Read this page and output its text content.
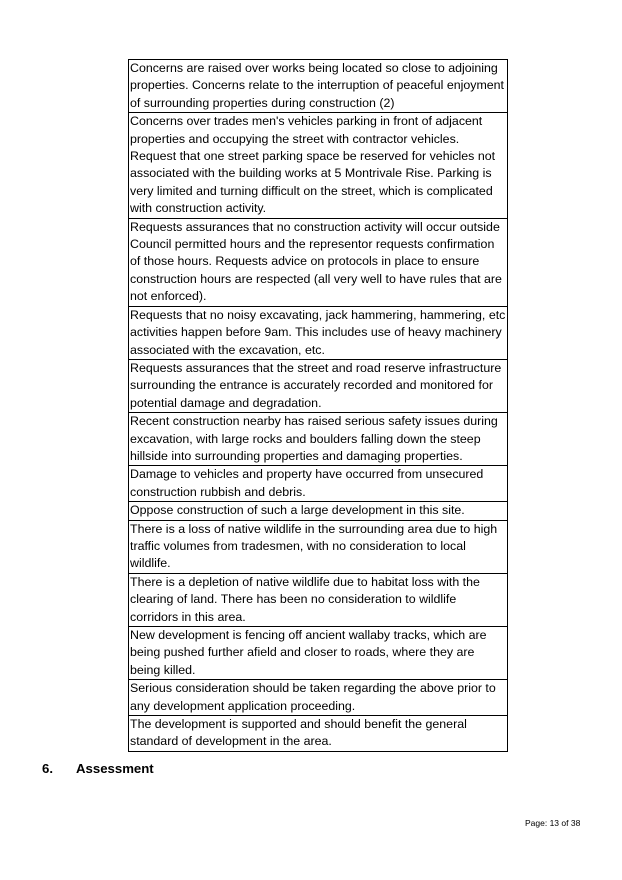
Concerns are raised over works being located so close to adjoining properties. Concerns relate to the interruption of peaceful enjoyment of surrounding properties during construction (2)
Concerns over trades men's vehicles parking in front of adjacent properties and occupying the street with contractor vehicles. Request that one street parking space be reserved for vehicles not associated with the building works at 5 Montrivale Rise. Parking is very limited and turning difficult on the street, which is complicated with construction activity.
Requests assurances that no construction activity will occur outside Council permitted hours and the representor requests confirmation of those hours. Requests advice on protocols in place to ensure construction hours are respected (all very well to have rules that are not enforced).
Requests that no noisy excavating, jack hammering, hammering, etc activities happen before 9am. This includes use of heavy machinery associated with the excavation, etc.
Requests assurances that the street and road reserve infrastructure surrounding the entrance is accurately recorded and monitored for potential damage and degradation.
Recent construction nearby has raised serious safety issues during excavation, with large rocks and boulders falling down the steep hillside into surrounding properties and damaging properties.
Damage to vehicles and property have occurred from unsecured construction rubbish and debris.
Oppose construction of such a large development in this site.
There is a loss of native wildlife in the surrounding area due to high traffic volumes from tradesmen, with no consideration to local wildlife.
There is a depletion of native wildlife due to habitat loss with the clearing of land. There has been no consideration to wildlife corridors in this area.
New development is fencing off ancient wallaby tracks, which are being pushed further afield and closer to roads, where they are being killed.
Serious consideration should be taken regarding the above prior to any development application proceeding.
The development is supported and should benefit the general standard of development in the area.
6. Assessment
Page: 13 of 38
